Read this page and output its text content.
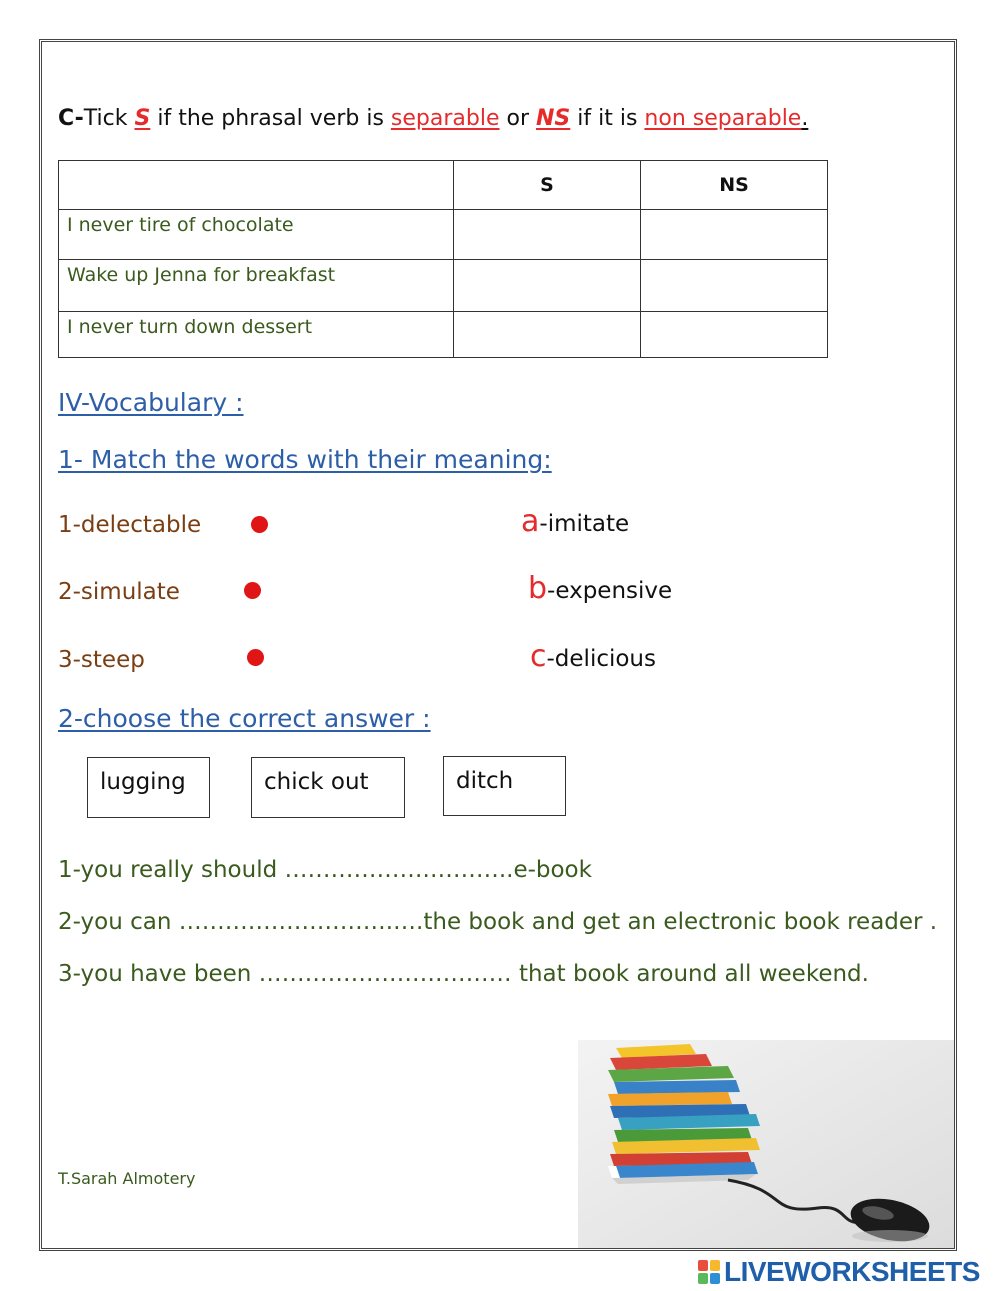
C-Tick S if the phrasal verb is separable or NS if it is non separable.
	S	NS
I never tire of chocolate		
Wake up Jenna for breakfast		
I never turn down dessert		
IV-Vocabulary :
1- Match the words with their meaning:
1-delectable	a-imitate
2-simulate	b-expensive
3-steep	c-delicious
2-choose the correct answer :
lugging	chick out	ditch
1-you really should ……………….………..e-book
2-you can ……………………….….the book and get an electronic book reader .
3-you have been …………………………… that book around all weekend.
T.Sarah Almotery
LIVEWORKSHEETS
